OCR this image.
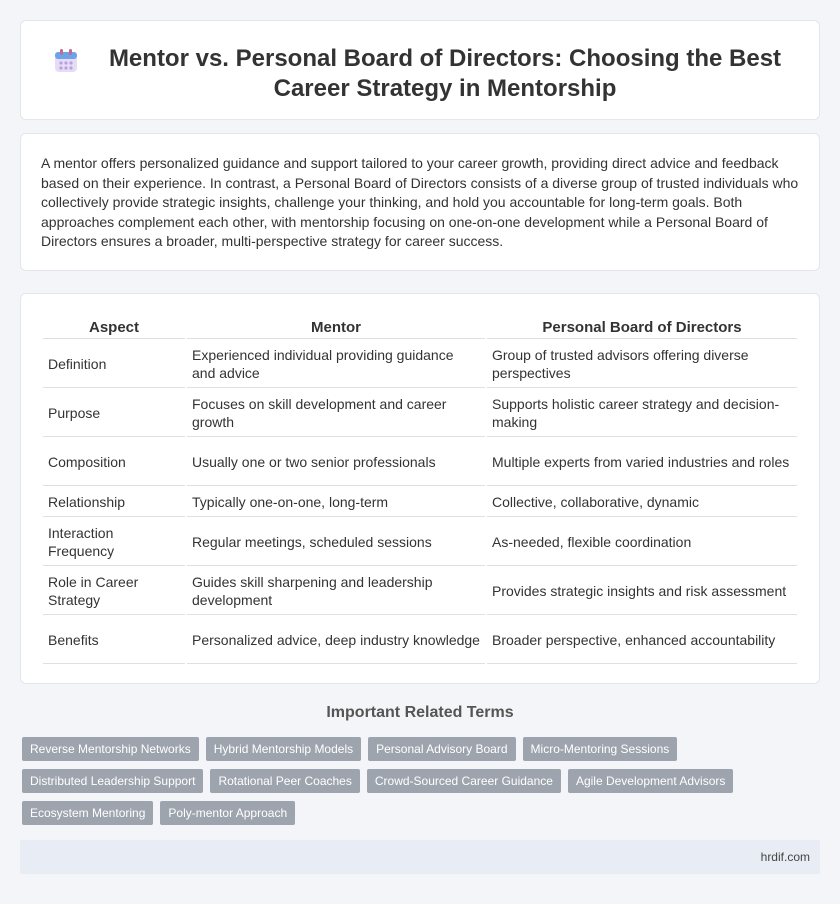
Mentor vs. Personal Board of Directors: Choosing the Best Career Strategy in Mentorship

A mentor offers personalized guidance and support tailored to your career growth, providing direct advice and feedback based on their experience. In contrast, a Personal Board of Directors consists of a diverse group of trusted individuals who collectively provide strategic insights, challenge your thinking, and hold you accountable for long-term goals. Both approaches complement each other, with mentorship focusing on one-on-one development while a Personal Board of Directors ensures a broader, multi-perspective strategy for career success.

Aspect	Mentor	Personal Board of Directors
Definition	Experienced individual providing guidance and advice	Group of trusted advisors offering diverse perspectives
Purpose	Focuses on skill development and career growth	Supports holistic career strategy and decision-making
Composition	Usually one or two senior professionals	Multiple experts from varied industries and roles
Relationship	Typically one-on-one, long-term	Collective, collaborative, dynamic
Interaction Frequency	Regular meetings, scheduled sessions	As-needed, flexible coordination
Role in Career Strategy	Guides skill sharpening and leadership development	Provides strategic insights and risk assessment
Benefits	Personalized advice, deep industry knowledge	Broader perspective, enhanced accountability
Important Related Terms
Reverse Mentorship Networks	Hybrid Mentorship Models	Personal Advisory Board	Micro-Mentoring Sessions
Distributed Leadership Support	Rotational Peer Coaches	Crowd-Sourced Career Guidance	Agile Development Advisors
Ecosystem Mentoring	Poly-mentor Approach
hrdif.com
